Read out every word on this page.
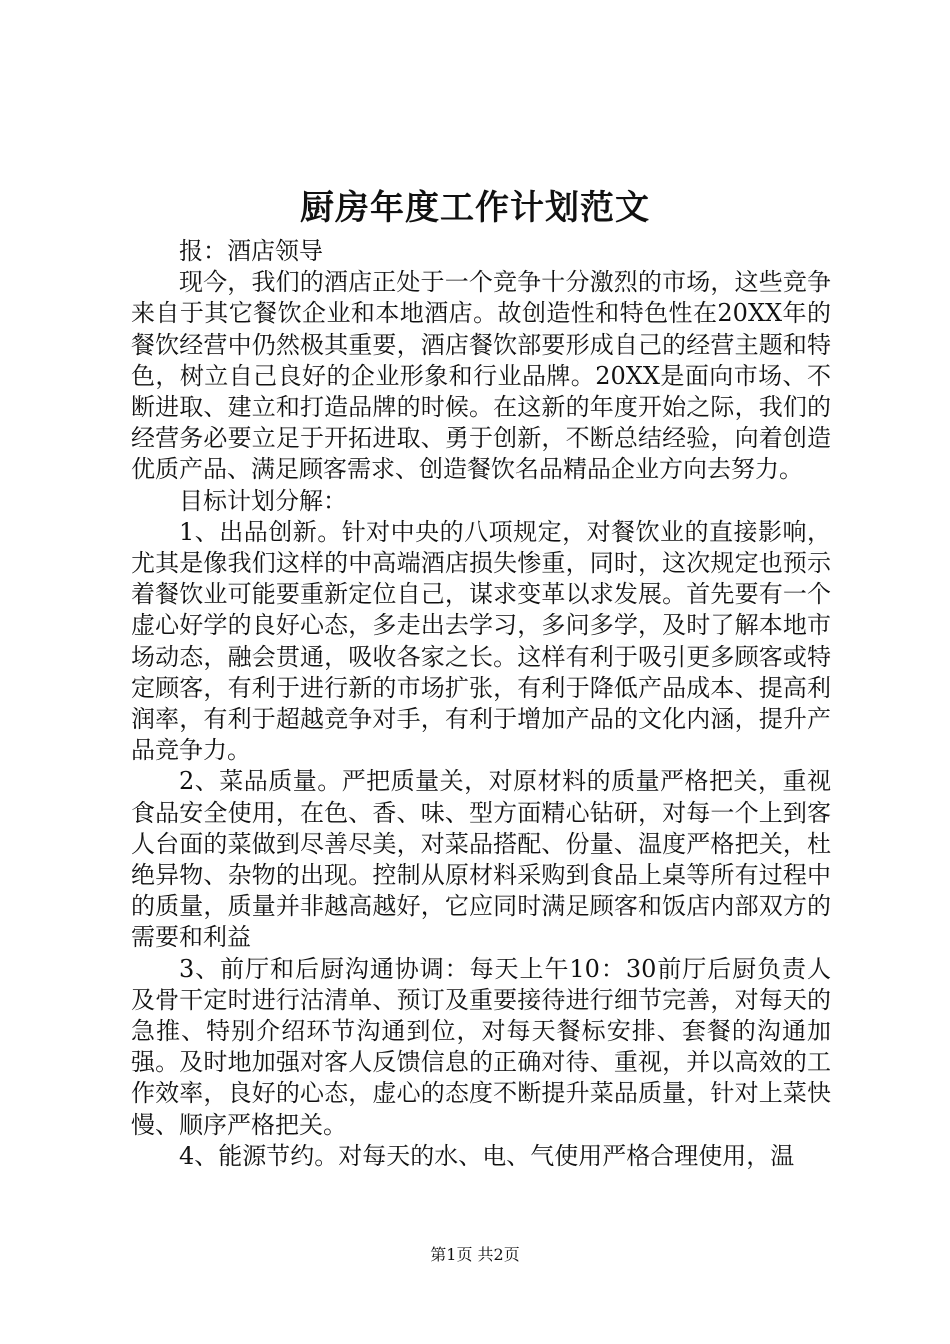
厨房年度工作计划范文

报：酒店领导

现今，我们的酒店正处于一个竞争十分激烈的市场，这些竞争来自于其它餐饮企业和本地酒店。故创造性和特色性在20XX年的餐饮经营中仍然极其重要，酒店餐饮部要形成自己的经营主题和特色，树立自己良好的企业形象和行业品牌。20XX是面向市场、不断进取、建立和打造品牌的时候。在这新的年度开始之际，我们的经营务必要立足于开拓进取、勇于创新，不断总结经验，向着创造优质产品、满足顾客需求、创造餐饮名品精品企业方向去努力。

目标计划分解：

1、出品创新。针对中央的八项规定，对餐饮业的直接影响，尤其是像我们这样的中高端酒店损失惨重，同时，这次规定也预示着餐饮业可能要重新定位自己，谋求变革以求发展。首先要有一个虚心好学的良好心态，多走出去学习，多问多学，及时了解本地市场动态，融会贯通，吸收各家之长。这样有利于吸引更多顾客或特定顾客，有利于进行新的市场扩张，有利于降低产品成本、提高利润率，有利于超越竞争对手，有利于增加产品的文化内涵，提升产品竞争力。

2、菜品质量。严把质量关，对原材料的质量严格把关，重视食品安全使用，在色、香、味、型方面精心钻研，对每一个上到客人台面的菜做到尽善尽美，对菜品搭配、份量、温度严格把关，杜绝异物、杂物的出现。控制从原材料采购到食品上桌等所有过程中的质量，质量并非越高越好，它应同时满足顾客和饭店内部双方的需要和利益

3、前厅和后厨沟通协调：每天上午10：30前厅后厨负责人及骨干定时进行沽清单、预订及重要接待进行细节完善，对每天的急推、特别介绍环节沟通到位，对每天餐标安排、套餐的沟通加强。及时地加强对客人反馈信息的正确对待、重视，并以高效的工作效率，良好的心态，虚心的态度不断提升菜品质量，针对上菜快慢、顺序严格把关。

4、能源节约。对每天的水、电、气使用严格合理使用，温

第1页 共2页
